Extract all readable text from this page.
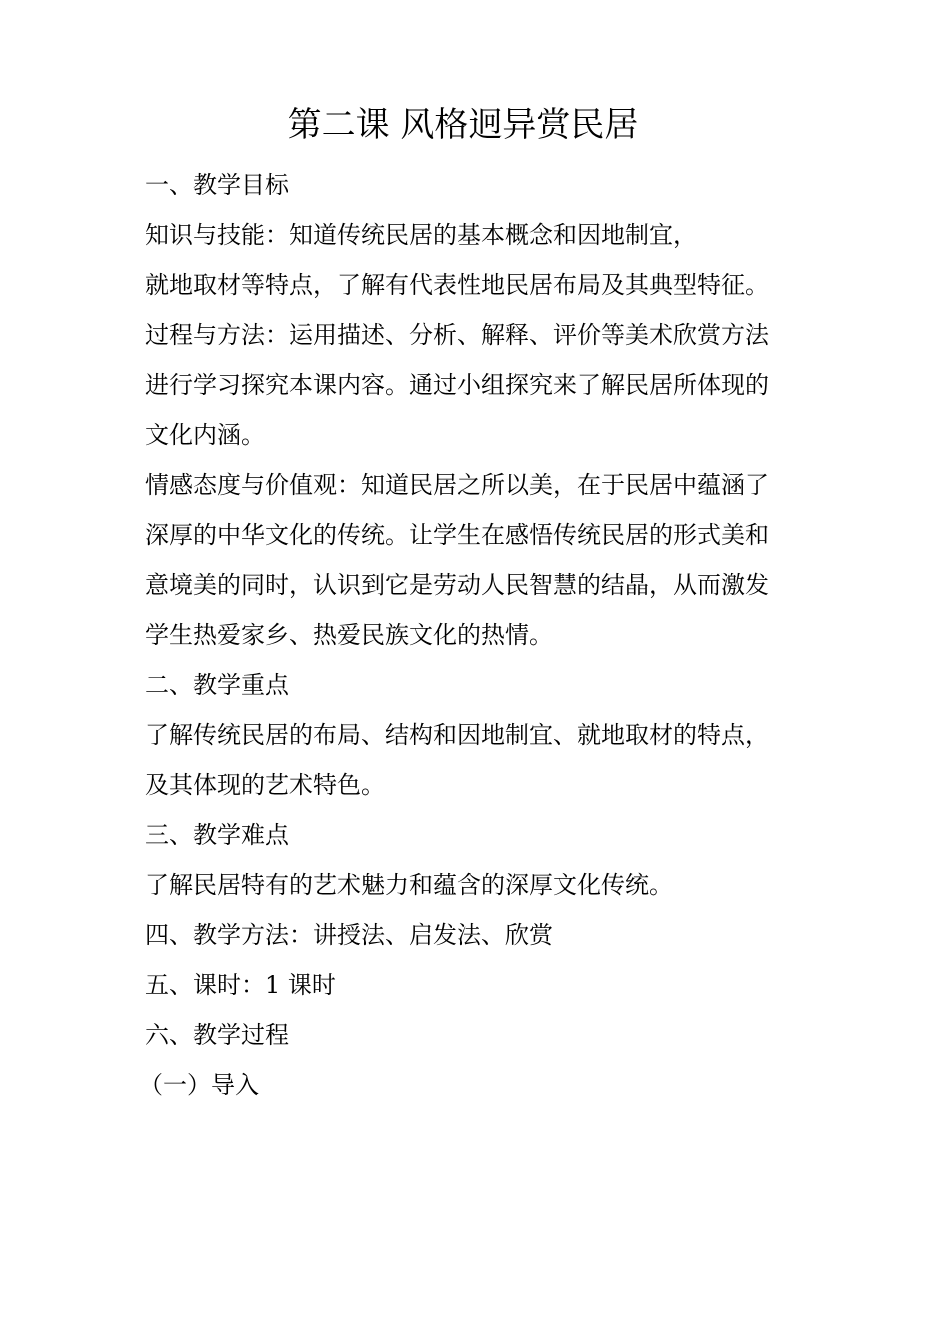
第二课 风格迥异赏民居
一、教学目标
知识与技能：知道传统民居的基本概念和因地制宜，
就地取材等特点，了解有代表性地民居布局及其典型特征。
过程与方法：运用描述、分析、解释、评价等美术欣赏方法
进行学习探究本课内容。通过小组探究来了解民居所体现的
文化内涵。
情感态度与价值观：知道民居之所以美，在于民居中蕴涵了
深厚的中华文化的传统。让学生在感悟传统民居的形式美和
意境美的同时，认识到它是劳动人民智慧的结晶，从而激发
学生热爱家乡、热爱民族文化的热情。
二、教学重点
了解传统民居的布局、结构和因地制宜、就地取材的特点，
及其体现的艺术特色。
三、教学难点
了解民居特有的艺术魅力和蕴含的深厚文化传统。
四、教学方法：讲授法、启发法、欣赏
五、课时：1 课时
六、教学过程
（一）导入
